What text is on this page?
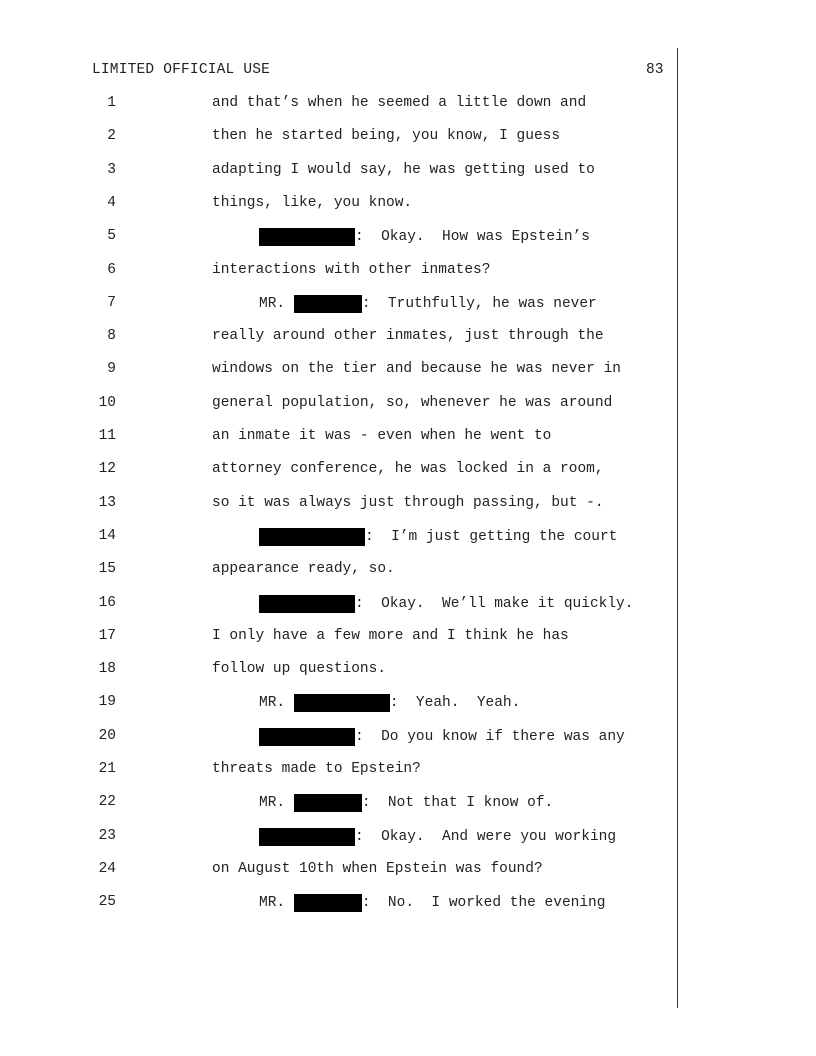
LIMITED OFFICIAL USE	83
1	and that’s when he seemed a little down and
2	then he started being, you know, I guess
3	adapting I would say, he was getting used to
4	things, like, you know.
5	:  Okay.  How was Epstein’s
6	interactions with other inmates?
7	MR.	:  Truthfully, he was never
8	really around other inmates, just through the
9	windows on the tier and because he was never in
10	general population, so, whenever he was around
11	an inmate it was - even when he went to
12	attorney conference, he was locked in a room,
13	so it was always just through passing, but -.
14	:  I’m just getting the court
15	appearance ready, so.
16	:  Okay.  We’ll make it quickly.
17	I only have a few more and I think he has
18	follow up questions.
19	MR.	:  Yeah.  Yeah.
20	:  Do you know if there was any
21	threats made to Epstein?
22	MR.	:  Not that I know of.
23	:  Okay.  And were you working
24	on August 10th when Epstein was found?
25	MR.	:  No.  I worked the evening
